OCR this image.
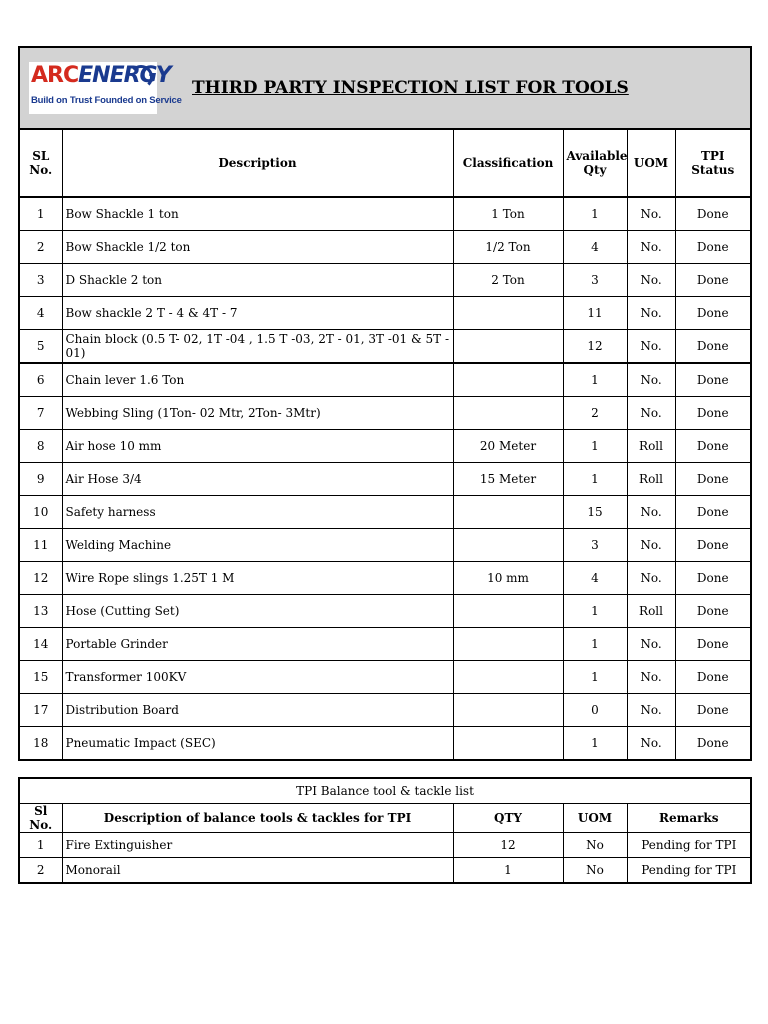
ARCENERGY
Build on Trust Founded on Service
THIRD PARTY INSPECTION LIST FOR TOOLS					

SL No.	Description	Classification	Available Qty	UOM	TPI Status
1	Bow Shackle 1 ton	1 Ton	1	No.	Done
2	Bow Shackle 1/2 ton	1/2 Ton	4	No.	Done
3	D Shackle 2 ton	2 Ton	3	No.	Done
4	Bow shackle 2 T - 4 & 4T - 7		11	No.	Done
5	Chain block (0.5 T- 02, 1T -04 , 1.5 T -03, 2T - 01, 3T -01 & 5T - 01)		12	No.	Done
6	Chain lever 1.6 Ton		1	No.	Done
7	Webbing Sling (1Ton- 02 Mtr, 2Ton- 3Mtr)		2	No.	Done
8	Air hose 10 mm	20 Meter	1	Roll	Done
9	Air Hose 3/4	15 Meter	1	Roll	Done
10	Safety harness		15	No.	Done
11	Welding Machine		3	No.	Done
12	Wire Rope slings 1.25T 1 M	10 mm	4	No.	Done
13	Hose (Cutting Set)		1	Roll	Done
14	Portable Grinder		1	No.	Done
15	Transformer 100KV		1	No.	Done
17	Distribution Board		0	No.	Done
18	Pneumatic Impact (SEC)		1	No.	Done
TPI Balance tool & tackle list				
Sl No.	Description of balance tools & tackles for TPI	QTY	UOM	Remarks
1	Fire Extinguisher	12	No	Pending for TPI
2	Monorail	1	No	Pending for TPI
